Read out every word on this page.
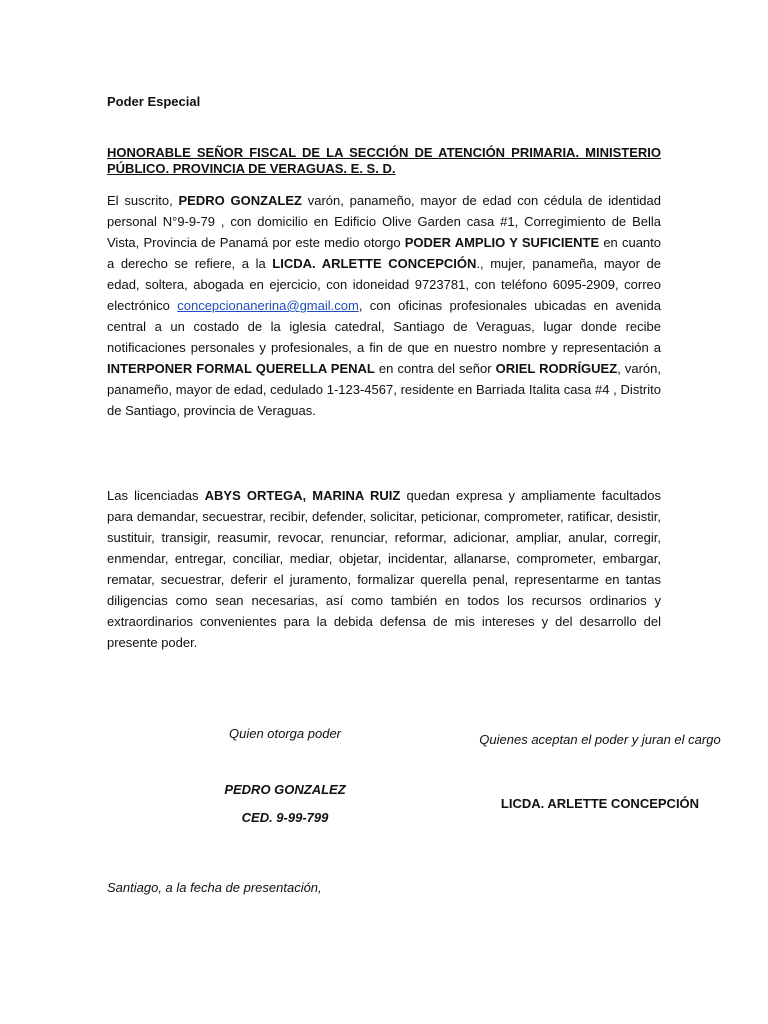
Poder Especial
HONORABLE SEÑOR FISCAL DE LA SECCIÓN DE ATENCIÓN PRIMARIA. MINISTERIO PÚBLICO. PROVINCIA DE VERAGUAS. E. S. D.
El suscrito, PEDRO GONZALEZ varón, panameño, mayor de edad con cédula de identidad personal N°9-9-79 , con domicilio en Edificio Olive Garden casa #1, Corregimiento de Bella Vista, Provincia de Panamá por este medio otorgo PODER AMPLIO Y SUFICIENTE en cuanto a derecho se refiere, a la LICDA. ARLETTE CONCEPCIÓN., mujer, panameña, mayor de edad, soltera, abogada en ejercicio, con idoneidad 9723781, con teléfono 6095-2909, correo electrónico concepcionanerina@gmail.com, con oficinas profesionales ubicadas en avenida central a un costado de la iglesia catedral, Santiago de Veraguas, lugar donde recibe notificaciones personales y profesionales, a fin de que en nuestro nombre y representación a INTERPONER FORMAL QUERELLA PENAL en contra del señor ORIEL RODRÍGUEZ, varón, panameño, mayor de edad, cedulado 1-123-4567, residente en Barriada Italita casa #4 , Distrito de Santiago, provincia de Veraguas.
Las licenciadas ABYS ORTEGA, MARINA RUIZ quedan expresa y ampliamente facultados para demandar, secuestrar, recibir, defender, solicitar, peticionar, comprometer, ratificar, desistir, sustituir, transigir, reasumir, revocar, renunciar, reformar, adicionar, ampliar, anular, corregir, enmendar, entregar, conciliar, mediar, objetar, incidentar, allanarse, comprometer, embargar, rematar, secuestrar, deferir el juramento, formalizar querella penal, representarme en tantas diligencias como sean necesarias, así como también en todos los recursos ordinarios y extraordinarios convenientes para la debida defensa de mis intereses y del desarrollo del presente poder.
Quien otorga poder
PEDRO GONZALEZ
CED. 9-99-799
Quienes aceptan el poder y juran el cargo
LICDA. ARLETTE CONCEPCIÓN
Santiago, a la fecha de presentación,
